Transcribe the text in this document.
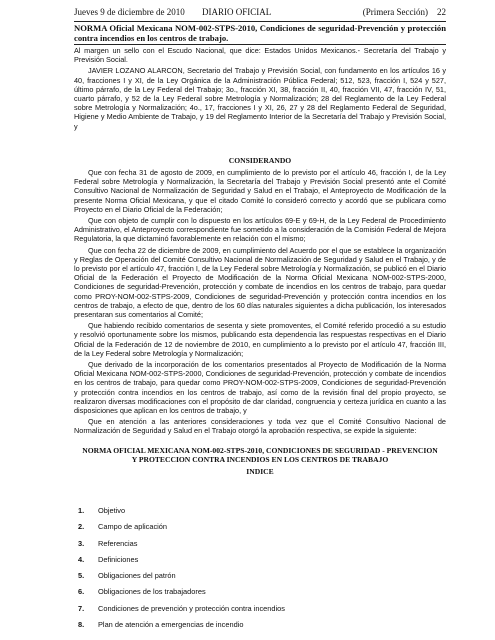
Jueves 9 de diciembre de 2010 DIARIO OFICIAL	(Primera Sección) 22
NORMA Oficial Mexicana NOM-002-STPS-2010, Condiciones de seguridad-Prevención y protección contra incendios en los centros de trabajo.

Al margen un sello con el Escudo Nacional, que dice: Estados Unidos Mexicanos.- Secretaría del Trabajo y Previsión Social.

JAVIER LOZANO ALARCON, Secretario del Trabajo y Previsión Social, con fundamento en los artículos 16 y 40, fracciones I y XI, de la Ley Orgánica de la Administración Pública Federal; 512, 523, fracción I, 524 y 527, último párrafo, de la Ley Federal del Trabajo; 3o., fracción XI, 38, fracción II, 40, fracción VII, 47, fracción IV, 51, cuarto párrafo, y 52 de la Ley Federal sobre Metrología y Normalización; 28 del Reglamento de la Ley Federal sobre Metrología y Normalización; 4o., 17, fracciones I y XI, 26, 27 y 28 del Reglamento Federal de Seguridad, Higiene y Medio Ambiente de Trabajo, y 19 del Reglamento Interior de la Secretaría del Trabajo y Previsión Social, y

CONSIDERANDO

Que con fecha 31 de agosto de 2009, en cumplimiento de lo previsto por el artículo 46, fracción I, de la Ley Federal sobre Metrología y Normalización, la Secretaría del Trabajo y Previsión Social presentó ante el Comité Consultivo Nacional de Normalización de Seguridad y Salud en el Trabajo, el Anteproyecto de Modificación de la presente Norma Oficial Mexicana, y que el citado Comité lo consideró correcto y acordó que se publicara como Proyecto en el Diario Oficial de la Federación;

Que con objeto de cumplir con lo dispuesto en los artículos 69-E y 69-H, de la Ley Federal de Procedimiento Administrativo, el Anteproyecto correspondiente fue sometido a la consideración de la Comisión Federal de Mejora Regulatoria, la que dictaminó favorablemente en relación con el mismo;

Que con fecha 22 de diciembre de 2009, en cumplimiento del Acuerdo por el que se establece la organización y Reglas de Operación del Comité Consultivo Nacional de Normalización de Seguridad y Salud en el Trabajo, y de lo previsto por el artículo 47, fracción I, de la Ley Federal sobre Metrología y Normalización, se publicó en el Diario Oficial de la Federación el Proyecto de Modificación de la Norma Oficial Mexicana NOM-002-STPS-2000, Condiciones de seguridad-Prevención, protección y combate de incendios en los centros de trabajo, para quedar como PROY-NOM-002-STPS-2009, Condiciones de seguridad-Prevención y protección contra incendios en los centros de trabajo, a efecto de que, dentro de los 60 días naturales siguientes a dicha publicación, los interesados presentaran sus comentarios al Comité;

Que habiendo recibido comentarios de sesenta y siete promoventes, el Comité referido procedió a su estudio y resolvió oportunamente sobre los mismos, publicando esta dependencia las respuestas respectivas en el Diario Oficial de la Federación de 12 de noviembre de 2010, en cumplimiento a lo previsto por el artículo 47, fracción III, de la Ley Federal sobre Metrología y Normalización;

Que derivado de la incorporación de los comentarios presentados al Proyecto de Modificación de la Norma Oficial Mexicana NOM-002-STPS-2000, Condiciones de seguridad-Prevención, protección y combate de incendios en los centros de trabajo, para quedar como PROY-NOM-002-STPS-2009, Condiciones de seguridad-Prevención y protección contra incendios en los centros de trabajo, así como de la revisión final del propio proyecto, se realizaron diversas modificaciones con el propósito de dar claridad, congruencia y certeza jurídica en cuanto a las disposiciones que aplican en los centros de trabajo, y

Que en atención a las anteriores consideraciones y toda vez que el Comité Consultivo Nacional de Normalización de Seguridad y Salud en el Trabajo otorgó la aprobación respectiva, se expide la siguiente:

NORMA OFICIAL MEXICANA NOM-002-STPS-2010, CONDICIONES DE SEGURIDAD - PREVENCION
Y PROTECCION CONTRA INCENDIOS EN LOS CENTROS DE TRABAJO
INDICE
1. Objetivo
2. Campo de aplicación
3. Referencias
4. Definiciones
5. Obligaciones del patrón
6. Obligaciones de los trabajadores
7. Condiciones de prevención y protección contra incendios
8. Plan de atención a emergencias de incendio
